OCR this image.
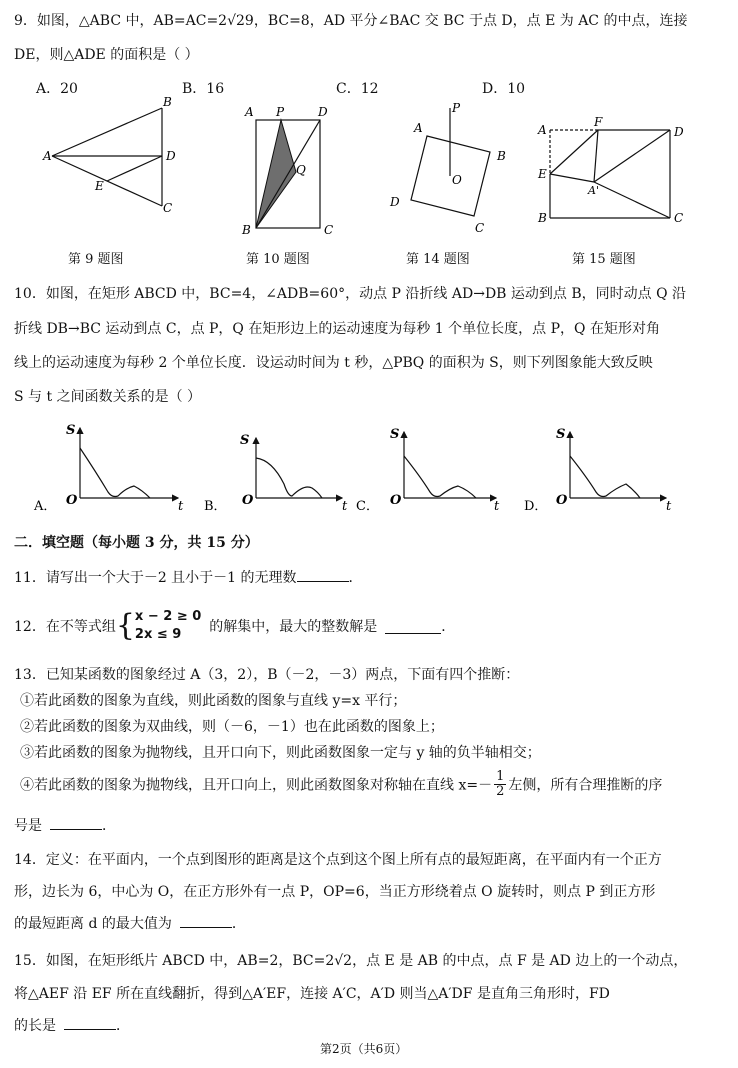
9．如图，△ABC 中，AB=AC=2√29，BC=8，AD 平分∠BAC 交 BC 于点 D，点 E 为 AC 的中点，连接
DE，则△ADE 的面积是（ ）
A．20	B．16	C．12	D．10
A
B
D
C
E
A P	D
Q
B	C
P
A
B
O
D
C
A
F
D
E
A'
B	C
第 9 题图	第 10 题图	第 14 题图	第 15 题图
10．如图，在矩形 ABCD 中，BC=4，∠ADB=60°，动点 P 沿折线 AD→DB 运动到点 B，同时动点 Q 沿
折线 DB→BC 运动到点 C，点 P，Q 在矩形边上的运动速度为每秒 1 个单位长度，点 P，Q 在矩形对角
线上的运动速度为每秒 2 个单位长度．设运动时间为 t 秒，△PBQ 的面积为 S，则下列图象能大致反映
S 与 t 之间函数关系的是（ ）
S
O	t
A．
S
O	t
B．
S
O	t
C．
S
O	t
D．
二．填空题（每小题 3 分，共 15 分）
11．请写出一个大于－2 且小于－1 的无理数	．
12．在不等式组{ x − 2 ≥ 0
2x ≤ 9	的解集中，最大的整数解是	．
13．已知某函数的图象经过 A（3，2），B（－2，－3）两点，下面有四个推断：
①若此函数的图象为直线，则此函数的图象与直线 y=x 平行；
②若此函数的图象为双曲线，则（－6，－1）也在此函数的图象上；
③若此函数的图象为抛物线，且开口向下，则此函数图象一定与 y 轴的负半轴相交；
④若此函数的图象为抛物线，且开口向上，则此函数图象对称轴在直线 $x=- \frac{1}{2}$ 左侧，所有合理推断的序
号是	．
14．定义：在平面内，一个点到图形的距离是这个点到这个图上所有点的最短距离，在平面内有一个正方
形，边长为 6，中心为 O，在正方形外有一点 P，OP=6，当正方形绕着点 O 旋转时，则点 P 到正方形
的最短距离 d 的最大值为	．
15．如图，在矩形纸片 ABCD 中，AB=2，BC=2√2，点 E 是 AB 的中点，点 F 是 AD 边上的一个动点，
将△AEF 沿 EF 所在直线翻折，得到△A′EF，连接 A′C，A′D 则当△A′DF 是直角三角形时，FD
的长是	．
第2页（共6页）
